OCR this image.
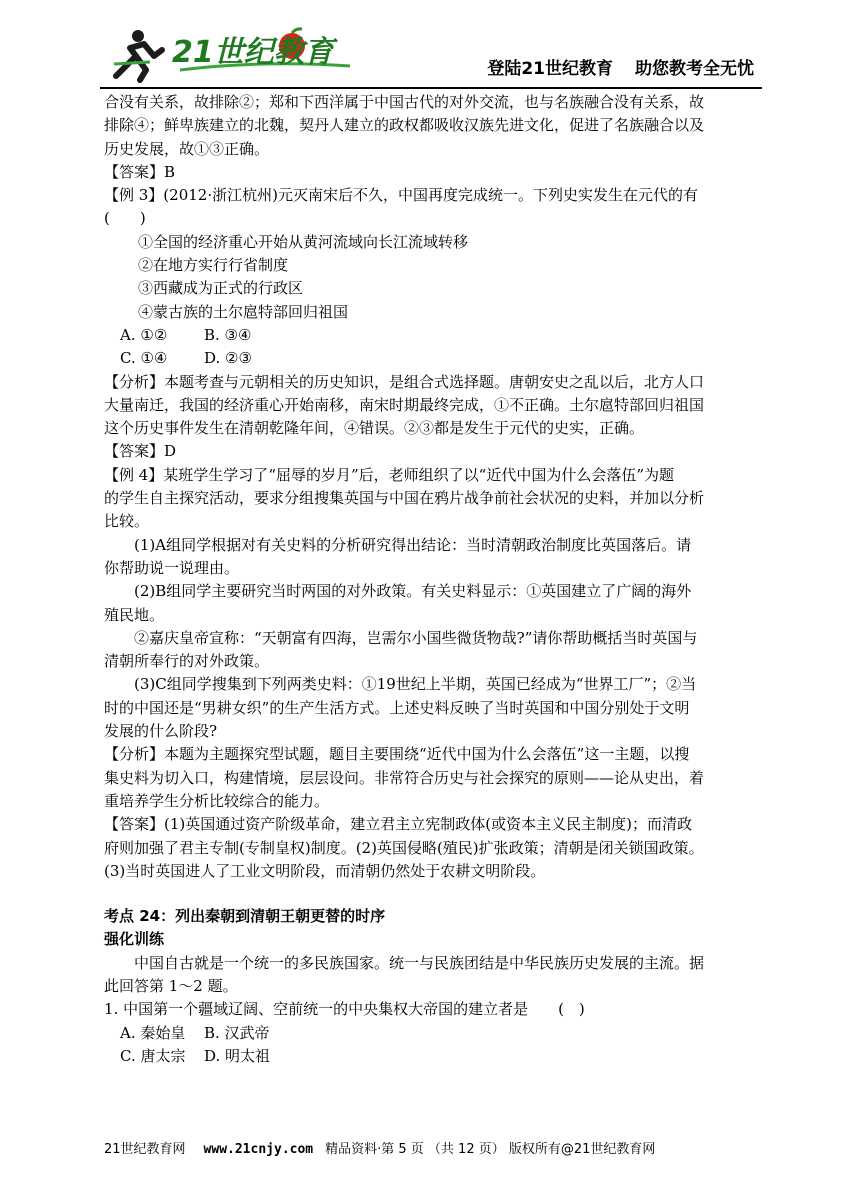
21世纪教育	登陆21世纪教育 助您教考全无忧

合没有关系，故排除②；郑和下西洋属于中国古代的对外交流，也与名族融合没有关系，故

排除④；鲜卑族建立的北魏，契丹人建立的政权都吸收汉族先进文化，促进了名族融合以及

历史发展，故①③正确。

【答案】B

【例 3】(2012·浙江杭州)元灭南宋后不久，中国再度完成统一。下列史实发生在元代的有

(　　)

①全国的经济重心开始从黄河流域向长江流域转移

②在地方实行行省制度

③西藏成为正式的行政区

④蒙古族的土尔扈特部回归祖国

A. ①② B. ③④

C. ①④ D. ②③

【分析】本题考查与元朝相关的历史知识，是组合式选择题。唐朝安史之乱以后，北方人口

大量南迁，我国的经济重心开始南移，南宋时期最终完成，①不正确。土尔扈特部回归祖国

这个历史事件发生在清朝乾隆年间，④错误。②③都是发生于元代的史实，正确。

【答案】D

【例 4】某班学生学习了“屈辱的岁月”后，老师组织了以“近代中国为什么会落伍”为题

的学生自主探究活动，要求分组搜集英国与中国在鸦片战争前社会状况的史料，并加以分析

比较。

(1)A组同学根据对有关史料的分析研究得出结论：当时清朝政治制度比英国落后。请

你帮助说一说理由。

(2)B组同学主要研究当时两国的对外政策。有关史料显示：①英国建立了广阔的海外

殖民地。

②嘉庆皇帝宣称：“天朝富有四海，岂需尔小国些微货物哉?”请你帮助概括当时英国与

清朝所奉行的对外政策。

(3)C组同学搜集到下列两类史料：①19世纪上半期，英国已经成为“世界工厂”；②当

时的中国还是“男耕女织”的生产生活方式。上述史料反映了当时英国和中国分别处于文明

发展的什么阶段?

【分析】本题为主题探究型试题，题目主要围绕“近代中国为什么会落伍”这一主题，以搜

集史料为切入口，构建情境，层层设问。非常符合历史与社会探究的原则——论从史出，着

重培养学生分析比较综合的能力。

【答案】(1)英国通过资产阶级革命，建立君主立宪制政体(或资本主义民主制度)；而清政

府则加强了君主专制(专制皇权)制度。(2)英国侵略(殖民)扩张政策；清朝是闭关锁国政策。

(3)当时英国进人了工业文明阶段，而清朝仍然处于农耕文明阶段。

考点 24：列出秦朝到清朝王朝更替的时序

强化训练

中国自古就是一个统一的多民族国家。统一与民族团结是中华民族历史发展的主流。据

此回答第 1～2 题。

1. 中国第一个疆域辽阔、空前统一的中央集权大帝国的建立者是　　(　)

A. 秦始皇 B. 汉武帝

C. 唐太宗 D. 明太祖

21世纪教育网 www.21cnjy.com 精品资料·第 5 页 （共 12 页） 版权所有@21世纪教育网
